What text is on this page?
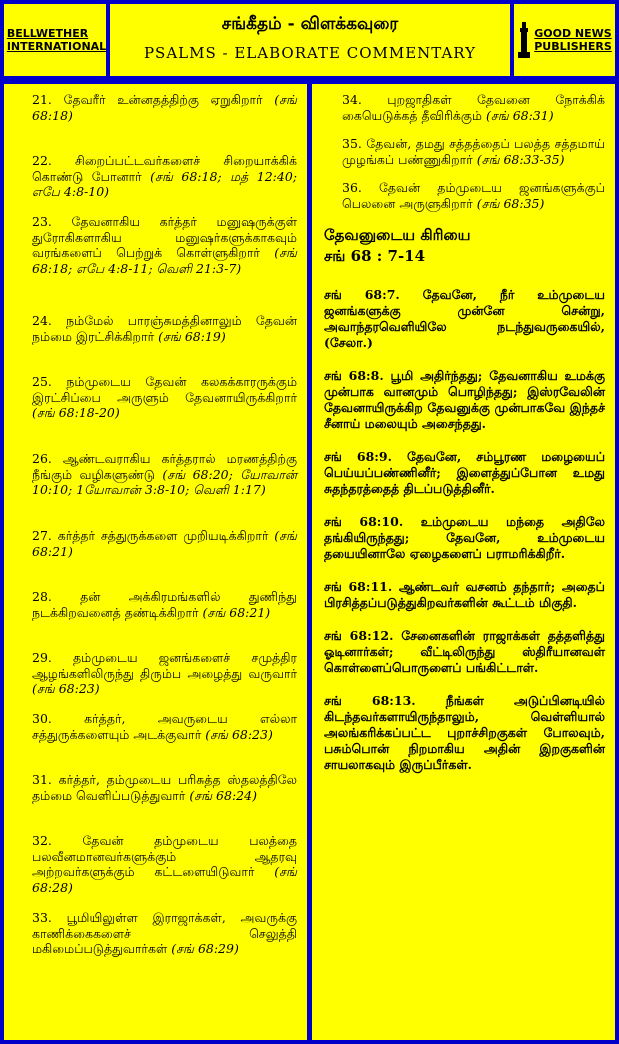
BELLWETHER
INTERNATIONAL
சங்கீதம் - விளக்கவுரை
PSALMS - ELABORATE COMMENTARY
GOOD NEWS
PUBLISHERS
21. தேவரீர் உன்னதத்திற்கு ஏறுகிறார் (சங் 68:18)
22. சிறைப்பட்டவர்களைச் சிறையாக்கிக் கொண்டு போனார் (சங் 68:18; மத் 12:40; எபே 4:8-10)
23. தேவனாகிய கர்த்தர் மனுஷருக்குள் துரோகிகளாகிய மனுஷர்களுக்காகவும் வரங்களைப் பெற்றுக் கொள்ளுகிறார் (சங் 68:18; எபே 4:8-11; வெளி 21:3-7)
24. நம்மேல் பாரஞ்சுமத்தினாலும் தேவன் நம்மை இரட்சிக்கிறார் (சங் 68:19)
25. நம்முடைய தேவன் கலகக்காரருக்கும் இரட்சிப்பை அருளும் தேவனாயிருக்கிறார் (சங் 68:18-20)
26. ஆண்டவராகிய கர்த்தரால் மரணத்திற்கு நீங்கும் வழிகளுண்டு (சங் 68:20; யோவான் 10:10; 1யோவான் 3:8-10; வெளி 1:17)
27. கர்த்தர் சத்துருக்களை முறியடிக்கிறார் (சங் 68:21)
28. தன் அக்கிரமங்களில் துணிந்து நடக்கிறவனைத் தண்டிக்கிறார் (சங் 68:21)
29. தம்முடைய ஜனங்களைச் சமுத்திர ஆழங்களிலிருந்து திரும்ப அழைத்து வருவார் (சங் 68:23)
30. கர்த்தர், அவருடைய எல்லா சத்துருக்களையும் அடக்குவார் (சங் 68:23)
31. கர்த்தர், தம்முடைய பரிசுத்த ஸ்தலத்திலே தம்மை வெளிப்படுத்துவார் (சங் 68:24)
32. தேவன் தம்முடைய பலத்தை பலவீனமானவர்களுக்கும் ஆதரவு அற்றவர்களுக்கும் கட்டளையிடுவார் (சங் 68:28)
33. பூமியிலுள்ள இராஜாக்கள், அவருக்கு காணிக்கைகளைச் செலுத்தி மகிமைப்படுத்துவார்கள் (சங் 68:29)
34. புறஜாதிகள் தேவனை நோக்கிக் கையெடுக்கத் தீவிரிக்கும் (சங் 68:31)
35. தேவன், தமது சத்தத்தைப் பலத்த சத்தமாய் முழங்கப் பண்ணுகிறார் (சங் 68:33-35)
36. தேவன் தம்முடைய ஜனங்களுக்குப் பெலனை அருளுகிறார் (சங் 68:35)
தேவனுடைய கிரியை
சங் 68 : 7-14
சங் 68:7. தேவனே, நீர் உம்முடைய ஜனங்களுக்கு முன்னே சென்று, அவாந்தரவெளியிலே நடந்துவருகையில், (சேலா.)
சங் 68:8. பூமி அதிர்ந்தது; தேவனாகிய உமக்கு முன்பாக வானமும் பொழிந்தது; இஸ்ரவேலின் தேவனாயிருக்கிற தேவனுக்கு முன்பாகவே இந்தச் சீனாய் மலையும் அசைந்தது.
சங் 68:9. தேவனே, சம்பூரண மழையைப் பெய்யப்பண்ணினீர்; இளைத்துப்போன உமது சுதந்தரத்தைத் திடப்படுத்தினீர்.
சங் 68:10. உம்முடைய மந்தை அதிலே தங்கியிருந்தது; தேவனே, உம்முடைய தயையினாலே ஏழைகளைப் பராமரிக்கிறீர்.
சங் 68:11. ஆண்டவர் வசனம் தந்தார்; அதைப் பிரசித்தப்படுத்துகிறவர்களின் கூட்டம் மிகுதி.
சங் 68:12. சேனைகளின் ராஜாக்கள் தத்தளித்து ஓடினார்கள்; வீட்டிலிருந்து ஸ்திரீயானவள் கொள்ளைப்பொருளைப் பங்கிட்டாள்.
சங் 68:13. நீங்கள் அடுப்பினடியில் கிடந்தவர்களாயிருந்தாலும், வெள்ளியால் அலங்கரிக்கப்பட்ட புறாச்சிறகுகள் போலவும், பசும்பொன் நிறமாகிய அதின் இறகுகளின் சாயலாகவும் இருப்பீர்கள்.
